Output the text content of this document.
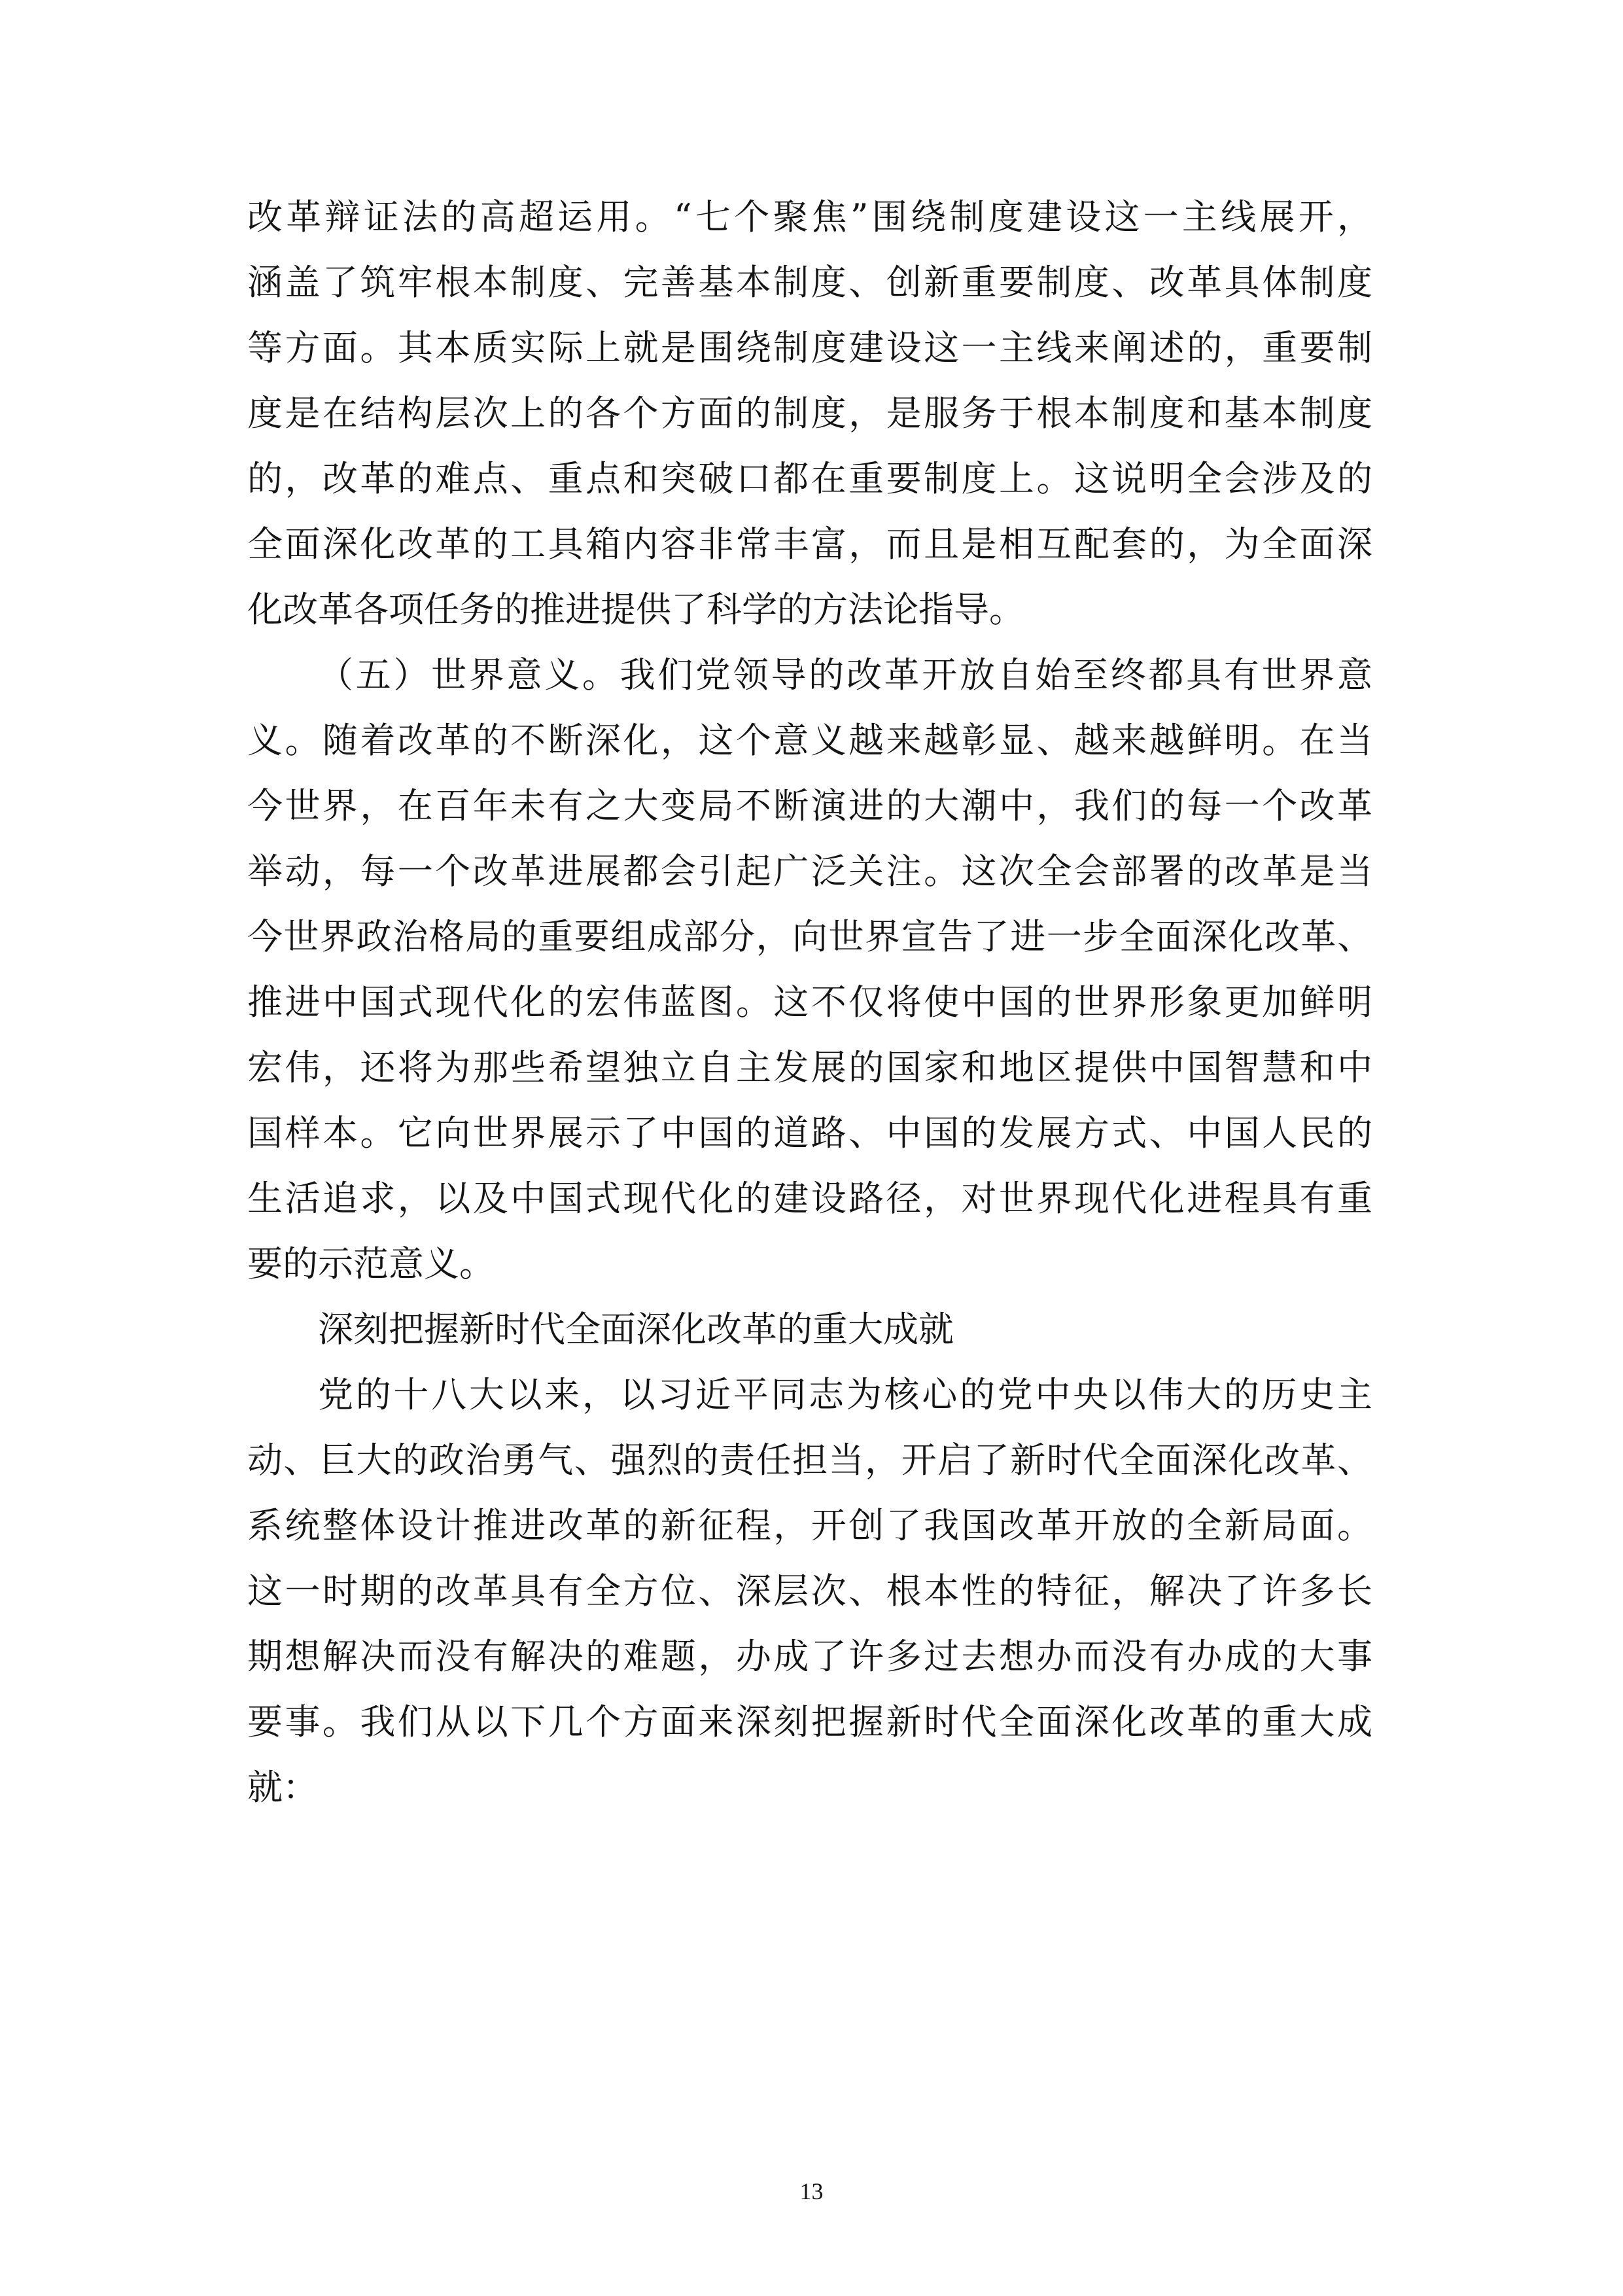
改革辩证法的高超运用。“七个聚焦”围绕制度建设这一主线展开，
涵盖了筑牢根本制度、完善基本制度、创新重要制度、改革具体制度
等方面。其本质实际上就是围绕制度建设这一主线来阐述的，重要制
度是在结构层次上的各个方面的制度，是服务于根本制度和基本制度
的，改革的难点、重点和突破口都在重要制度上。这说明全会涉及的
全面深化改革的工具箱内容非常丰富，而且是相互配套的，为全面深
化改革各项任务的推进提供了科学的方法论指导。
（五）世界意义。我们党领导的改革开放自始至终都具有世界意
义。随着改革的不断深化，这个意义越来越彰显、越来越鲜明。在当
今世界，在百年未有之大变局不断演进的大潮中，我们的每一个改革
举动，每一个改革进展都会引起广泛关注。这次全会部署的改革是当
今世界政治格局的重要组成部分，向世界宣告了进一步全面深化改革、
推进中国式现代化的宏伟蓝图。这不仅将使中国的世界形象更加鲜明
宏伟，还将为那些希望独立自主发展的国家和地区提供中国智慧和中
国样本。它向世界展示了中国的道路、中国的发展方式、中国人民的
生活追求，以及中国式现代化的建设路径，对世界现代化进程具有重
要的示范意义。
深刻把握新时代全面深化改革的重大成就
党的十八大以来，以习近平同志为核心的党中央以伟大的历史主
动、巨大的政治勇气、强烈的责任担当，开启了新时代全面深化改革、
系统整体设计推进改革的新征程，开创了我国改革开放的全新局面。
这一时期的改革具有全方位、深层次、根本性的特征，解决了许多长
期想解决而没有解决的难题，办成了许多过去想办而没有办成的大事
要事。我们从以下几个方面来深刻把握新时代全面深化改革的重大成
就：
13
